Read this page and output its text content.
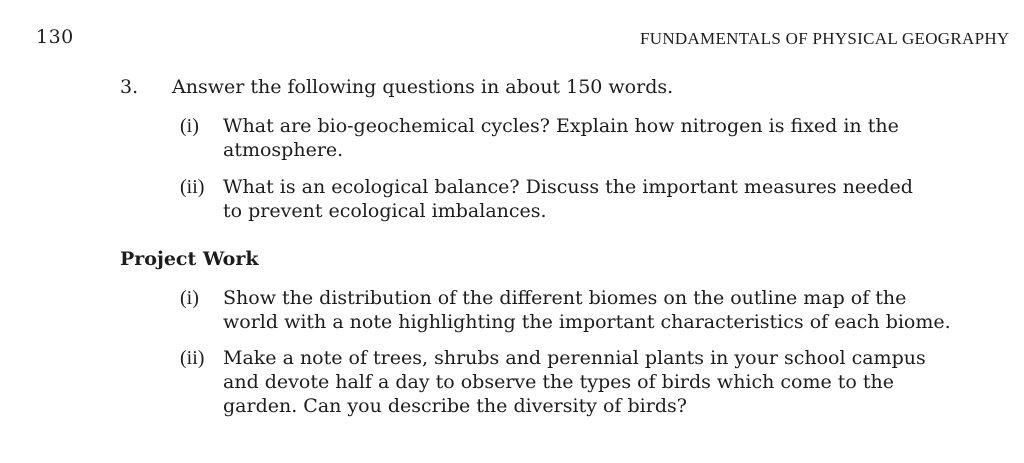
130	FUNDAMENTALS OF PHYSICAL GEOGRAPHY
3. Answer the following questions in about 150 words.
(i)	What are bio-geochemical cycles? Explain how nitrogen is fixed in the
atmosphere.
(ii) What is an ecological balance? Discuss the important measures needed
to prevent ecological imbalances.
Project Work
(i)	Show the distribution of the different biomes on the outline map of the
world with a note highlighting the important characteristics of each biome.
(ii) Make a note of trees, shrubs and perennial plants in your school campus
and devote half a day to observe the types of birds which come to the
garden. Can you describe the diversity of birds?
